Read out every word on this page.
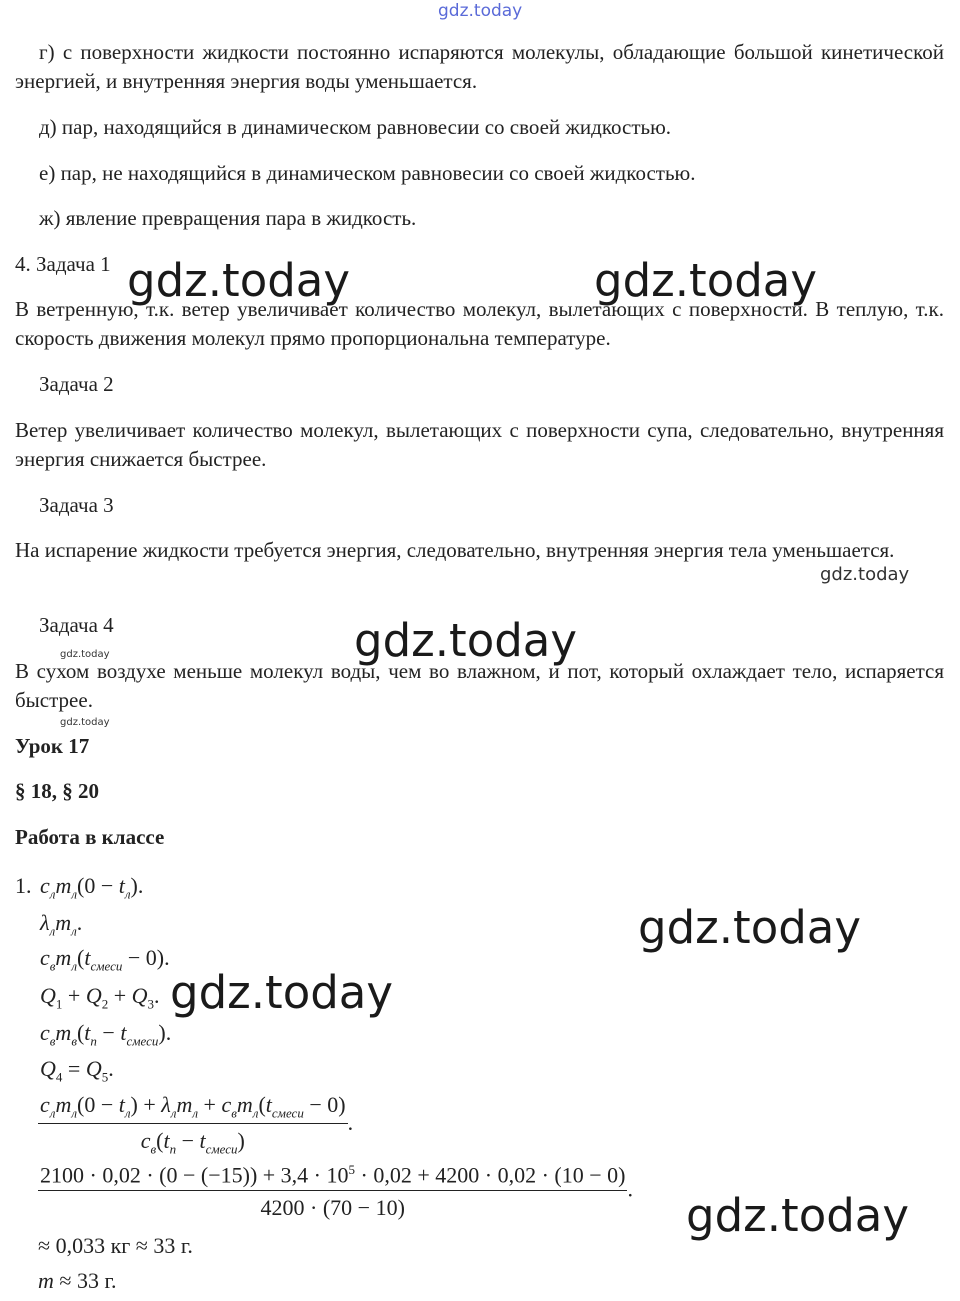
gdz.today

г) с поверхности жидкости постоянно испаряются молекулы, обладающие большой кинетической энергией, и внутренняя энергия воды уменьшается.

д) пар, находящийся в динамическом равновесии со своей жидкостью.

е) пар, не находящийся в динамическом равновесии со своей жидкостью.

ж) явление превращения пара в жидкость.

4. Задача 1

В ветренную, т.к. ветер увеличивает количество молекул, вылетающих с поверхности. В теплую, т.к. скорость движения молекул прямо пропорциональна температуре.

Задача 2

Ветер увеличивает количество молекул, вылетающих с поверхности супа, следовательно, внутренняя энергия снижается быстрее.

Задача 3

На испарение жидкости требуется энергия, следовательно, внутренняя энергия тела уменьшается.

Задача 4

В сухом воздухе меньше молекул воды, чем во влажном, и пот, который охлаждает тело, испаряется быстрее.

Урок 17

§ 18, § 20

Работа в классе

1. $c_лm_л(0 - t_л)$.
$\lambda_лm_л$.
$c_вm_л(t_{смеси} - 0)$.
$Q_1 + Q_2 + Q_3$.
$c_вm_в(t_п - t_{смеси})$.
$Q_4 = Q_5$.
$\frac{c_лm_л(0 - t_л) + \lambda_лm_л + c_вm_л(t_{смеси} - 0)}{c_в(t_п - t_{смеси})}$ .
$2100 \cdot 0,02 \cdot (0 - (-15)) + 3,4 \cdot 10^5 \cdot 0,02 + 4200 \cdot 0,02 \cdot (10 - 0)$
4200 · (70 − 10)
.
≈ 0,033 кг ≈ 33 г.
m ≈ 33 г.
gdz.today	gdz.today
gdz.today
gdz.today
gdz.today
gdz.today
gdz.today
gdz.today
gdz.today
